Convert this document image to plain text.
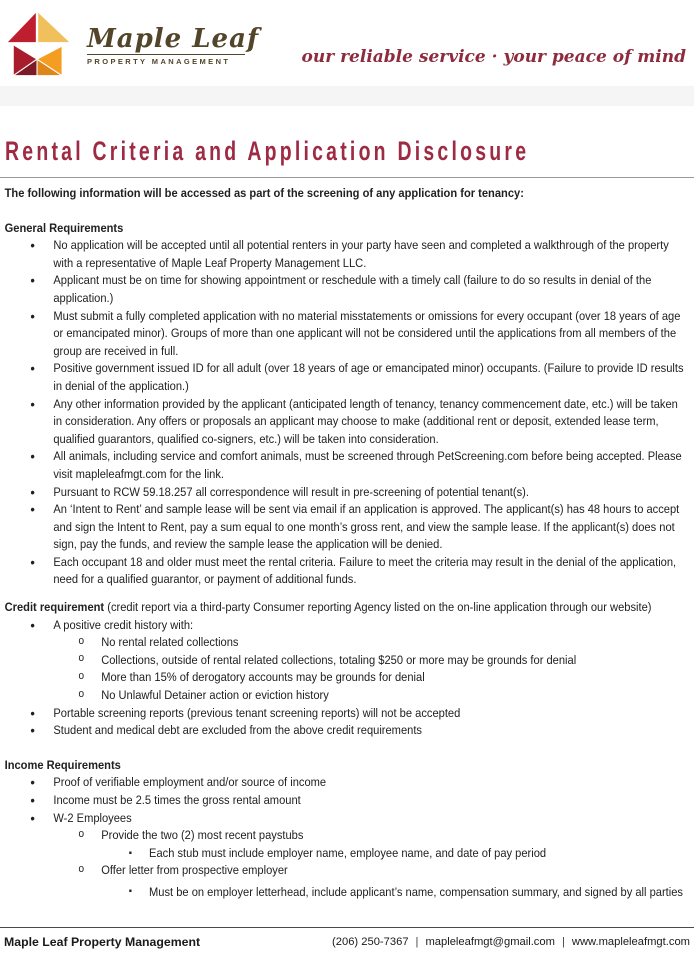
Maple Leaf
PROPERTY MANAGEMENT	our reliable service · your peace of mind
Rental Criteria and Application Disclosure

The following information will be accessed as part of the screening of any application for tenancy:

General Requirements
• No application will be accepted until all potential renters in your party have seen and completed a walkthrough of the property with a representative of Maple Leaf Property Management LLC.
• Applicant must be on time for showing appointment or reschedule with a timely call (failure to do so results in denial of the application.)
• Must submit a fully completed application with no material misstatements or omissions for every occupant (over 18 years of age or emancipated minor). Groups of more than one applicant will not be considered until the applications from all members of the group are received in full.
• Positive government issued ID for all adult (over 18 years of age or emancipated minor) occupants. (Failure to provide ID results in denial of the application.)
• Any other information provided by the applicant (anticipated length of tenancy, tenancy commencement date, etc.) will be taken in consideration. Any offers or proposals an applicant may choose to make (additional rent or deposit, extended lease term, qualified guarantors, qualified co-signers, etc.) will be taken into consideration.
• All animals, including service and comfort animals, must be screened through PetScreening.com before being accepted. Please visit mapleleafmgt.com for the link.
• Pursuant to RCW 59.18.257 all correspondence will result in pre-screening of potential tenant(s).
• An ‘Intent to Rent’ and sample lease will be sent via email if an application is approved. The applicant(s) has 48 hours to accept and sign the Intent to Rent, pay a sum equal to one month’s gross rent, and view the sample lease. If the applicant(s) does not sign, pay the funds, and review the sample lease the application will be denied.
• Each occupant 18 and older must meet the rental criteria. Failure to meet the criteria may result in the denial of the application, need for a qualified guarantor, or payment of additional funds.

Credit requirement (credit report via a third-party Consumer reporting Agency listed on the on-line application through our website)

• A positive credit history with:
o No rental related collections
o Collections, outside of rental related collections, totaling $250 or more may be grounds for denial
o More than 15% of derogatory accounts may be grounds for denial
o No Unlawful Detainer action or eviction history
• Portable screening reports (previous tenant screening reports) will not be accepted
• Student and medical debt are excluded from the above credit requirements
Income Requirements
• Proof of verifiable employment and/or source of income
• Income must be 2.5 times the gross rental amount
• W-2 Employees
o Provide the two (2) most recent paystubs
▪ Each stub must include employer name, employee name, and date of pay period
o Offer letter from prospective employer
▪ Must be on employer letterhead, include applicant’s name, compensation summary, and signed by all parties
Maple Leaf Property Management	(206) 250-7367 | mapleleafmgt@gmail.com | www.mapleleafmgt.com
